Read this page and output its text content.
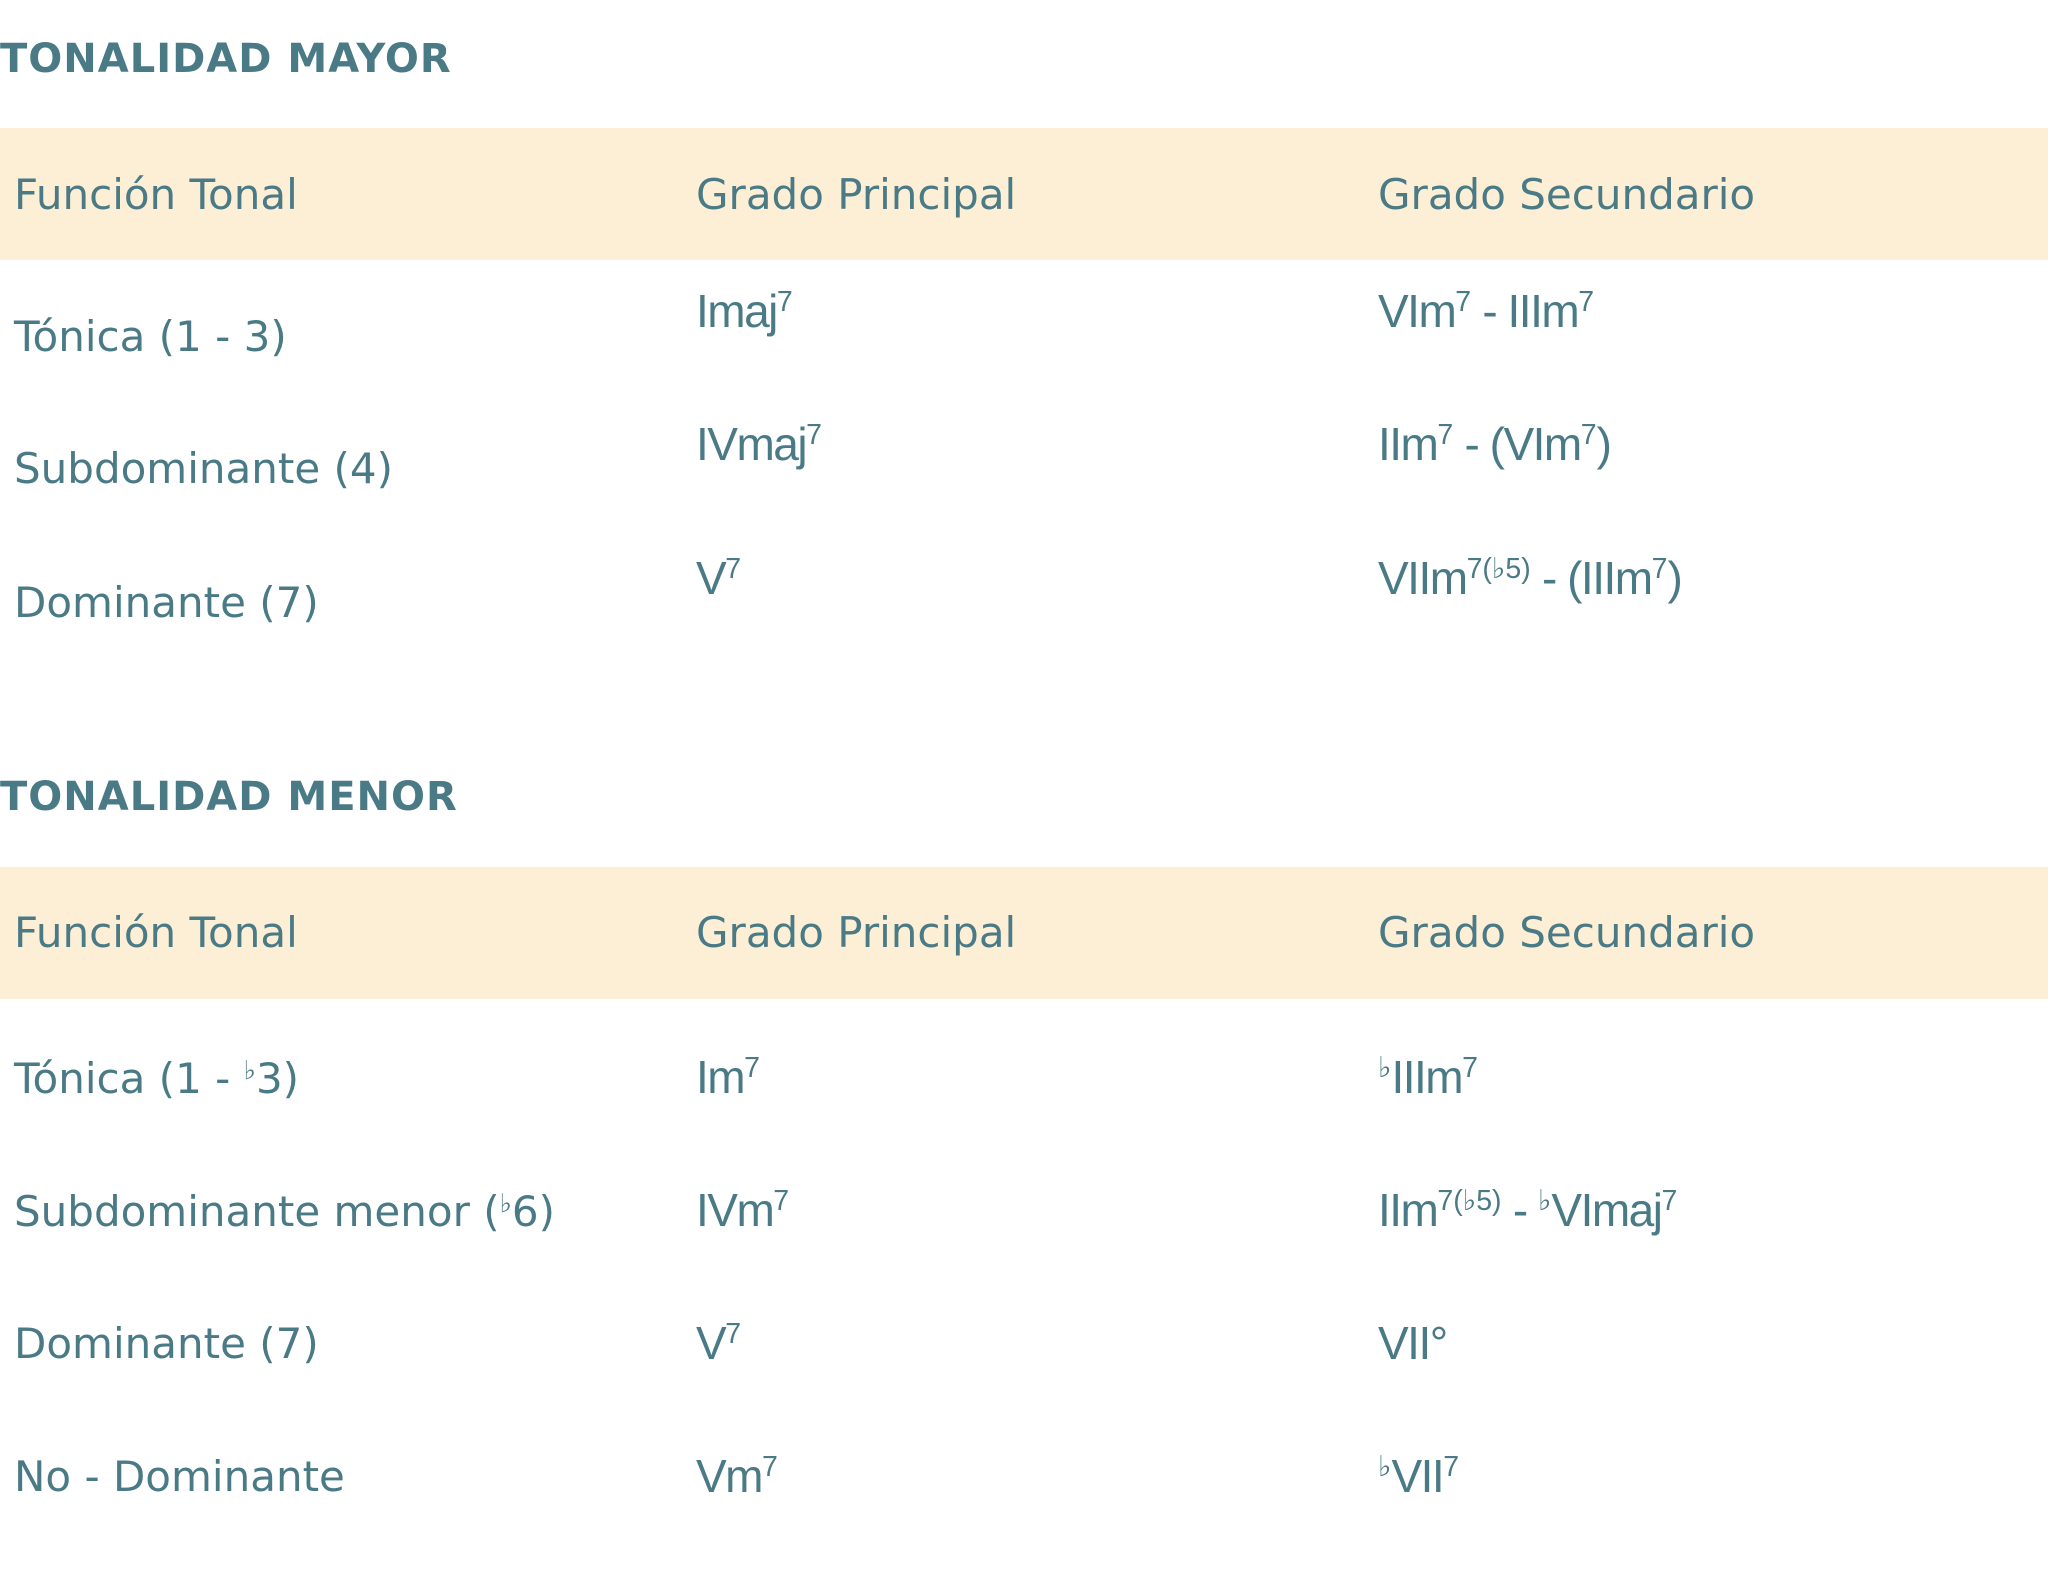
TONALIDAD MAYOR
Función Tonal	Grado Principal	Grado Secundario
Tónica (1 - 3)	Imaj$^7$	VIm$^7$ - IIIm$^7$
Subdominante (4)	IVmaj$^7$	IIm$^7$ - (VIm$^7$)
Dominante (7)	$V^7$	VIIm$^{7(♭5)}$ - (IIIm$^7$)
TONALIDAD MENOR
Función Tonal	Grado Principal	Grado Secundario
Tónica (1 - ♭3)	Im$^7$	♭IIIm$^7$
Subdominante menor (♭6)	IVm$^7$	IIm$^{7(♭5)}$ - ♭VImaj$^7$
Dominante (7)	$V^7$	VII°
No - Dominante	Vm$^7$	♭VII$^7$
